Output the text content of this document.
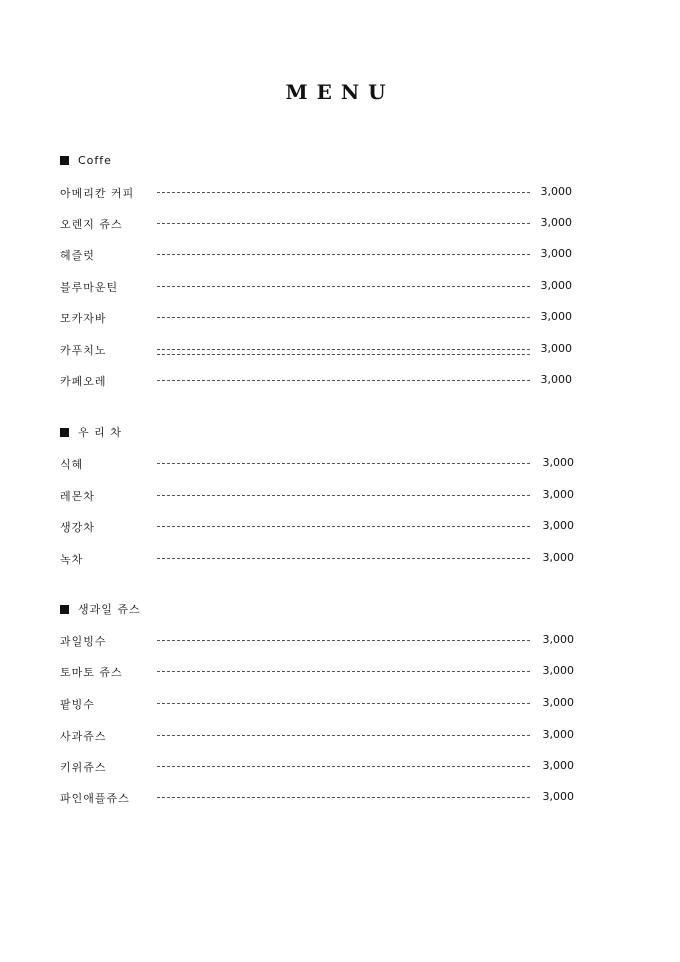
MENU
Coffe
아메리칸 커피	3,000
오렌지 쥬스	3,000
헤즐럿	3,000
블루마운틴	3,000
모카자바	3,000
카푸치노	3,000
카페오레	3,000
우 리 차
식혜	3,000
레몬차	3,000
생강차	3,000
녹차	3,000
생과일 쥬스
과일빙수	3,000
토마토 쥬스	3,000
팥빙수	3,000
사과쥬스	3,000
키위쥬스	3,000
파인애플쥬스	3,000
